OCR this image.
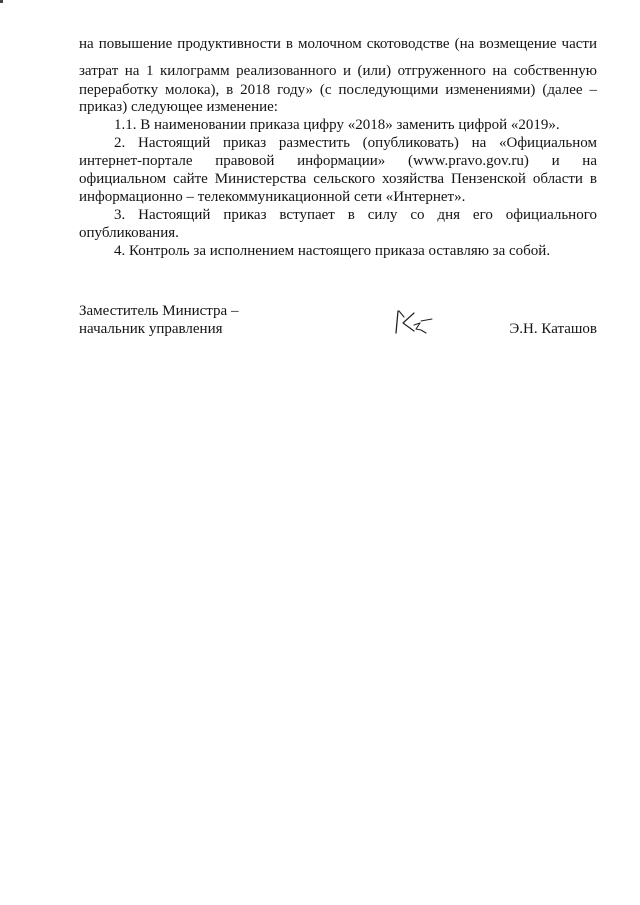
на повышение продуктивности в молочном скотоводстве (на возмещение части
затрат на 1 килограмм реализованного и (или) отгруженного на собственную
переработку молока), в 2018 году» (с последующими изменениями) (далее –
приказ) следующее изменение:
1.1. В наименовании приказа цифру «2018» заменить цифрой «2019».
2. Настоящий приказ разместить (опубликовать) на «Официальном
интернет-портале правовой информации» (www.pravo.gov.ru) и на
официальном сайте Министерства сельского хозяйства Пензенской области в
информационно – телекоммуникационной сети «Интернет».
3. Настоящий приказ вступает в силу со дня его официального
опубликования.
4. Контроль за исполнением настоящего приказа оставляю за собой.
Заместитель Министра –
начальник управления	Э.Н. Каташов
